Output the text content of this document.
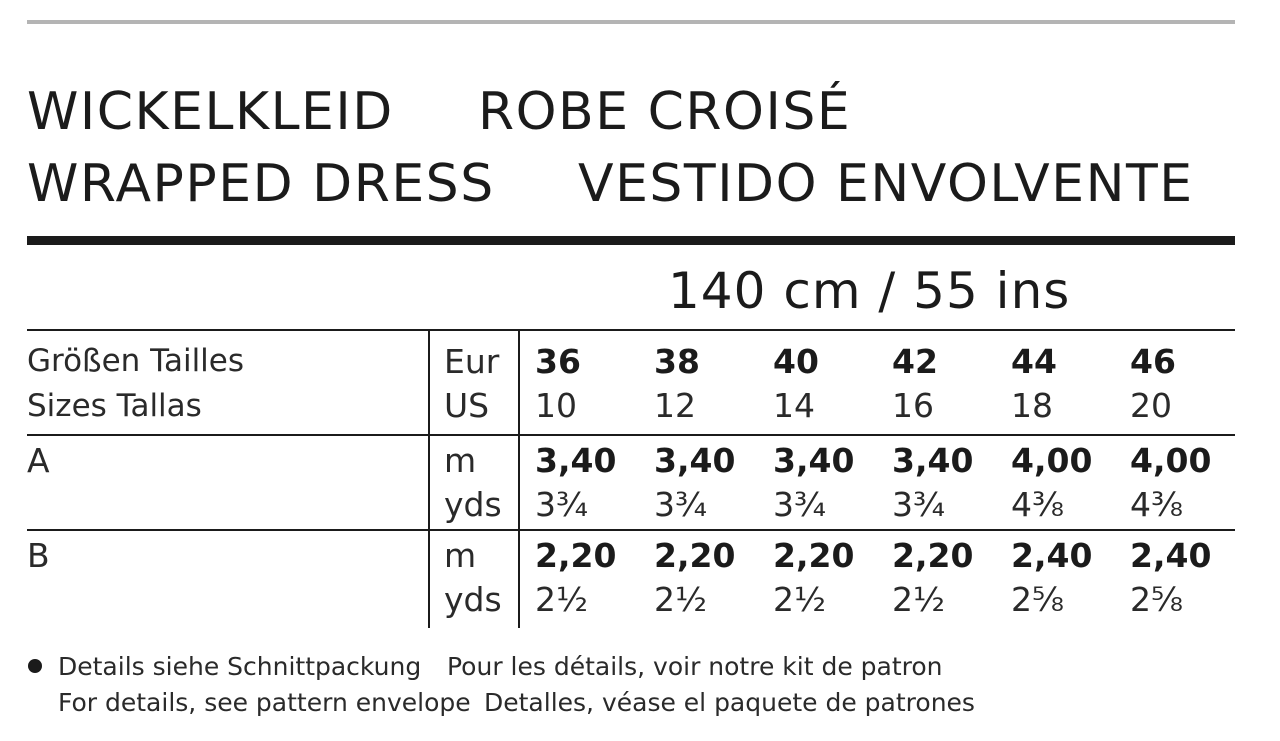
WICKELKLEID ROBE CROISÉ
WRAPPED DRESS VESTIDO ENVOLVENTE
140 cm / 55 ins
Größen Tailles
Sizes Tallas
Eur
US
36 38 40 42 44 46
10 12 14 16 18 20
A	m
yds
3,40 3,40 3,40 3,40 4,00 4,00
3¾ 3¾ 3¾ 3¾ 4⅜ 4⅜
B	m
yds
2,20 2,20 2,20 2,20 2,40 2,40
2½ 2½ 2½ 2½ 2⅝ 2⅝
Details siehe Schnittpackung Pour les détails, voir notre kit de patron
For details, see pattern envelope Detalles, véase el paquete de patrones
